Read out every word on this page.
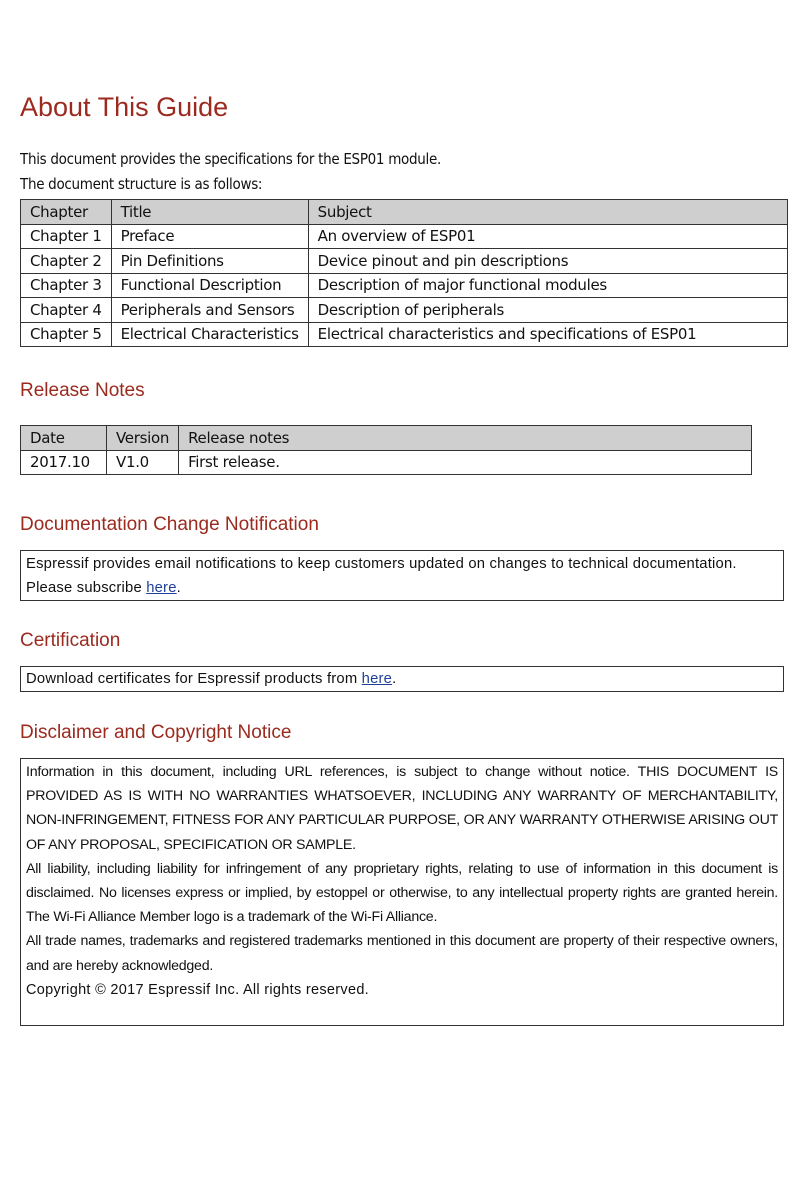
About This Guide

This document provides the specifications for the ESP01 module.

The document structure is as follows:

Chapter	Title	Subject
Chapter 1	Preface	An overview of ESP01
Chapter 2	Pin Definitions	Device pinout and pin descriptions
Chapter 3	Functional Description	Description of major functional modules
Chapter 4	Peripherals and Sensors	Description of peripherals
Chapter 5	Electrical Characteristics	Electrical characteristics and specifications of ESP01
Release Notes
Date	Version	Release notes
2017.10	V1.0	First release.
Documentation Change Notification
Espressif provides email notifications to keep customers updated on changes to technical documentation.
Please subscribe here.
Certification
Download certificates for Espressif products from here.
Disclaimer and Copyright Notice

Information in this document, including URL references, is subject to change without notice. THIS DOCUMENT IS PROVIDED AS IS WITH NO WARRANTIES WHATSOEVER, INCLUDING ANY WARRANTY OF MERCHANTABILITY, NON-INFRINGEMENT, FITNESS FOR ANY PARTICULAR PURPOSE, OR ANY WARRANTY OTHERWISE ARISING OUT OF ANY PROPOSAL, SPECIFICATION OR SAMPLE.

All liability, including liability for infringement of any proprietary rights, relating to use of information in this document is disclaimed. No licenses express or implied, by estoppel or otherwise, to any intellectual property rights are granted herein. The Wi-Fi Alliance Member logo is a trademark of the Wi-Fi Alliance.

All trade names, trademarks and registered trademarks mentioned in this document are property of their respective owners, and are hereby acknowledged.

Copyright © 2017 Espressif Inc. All rights reserved.
